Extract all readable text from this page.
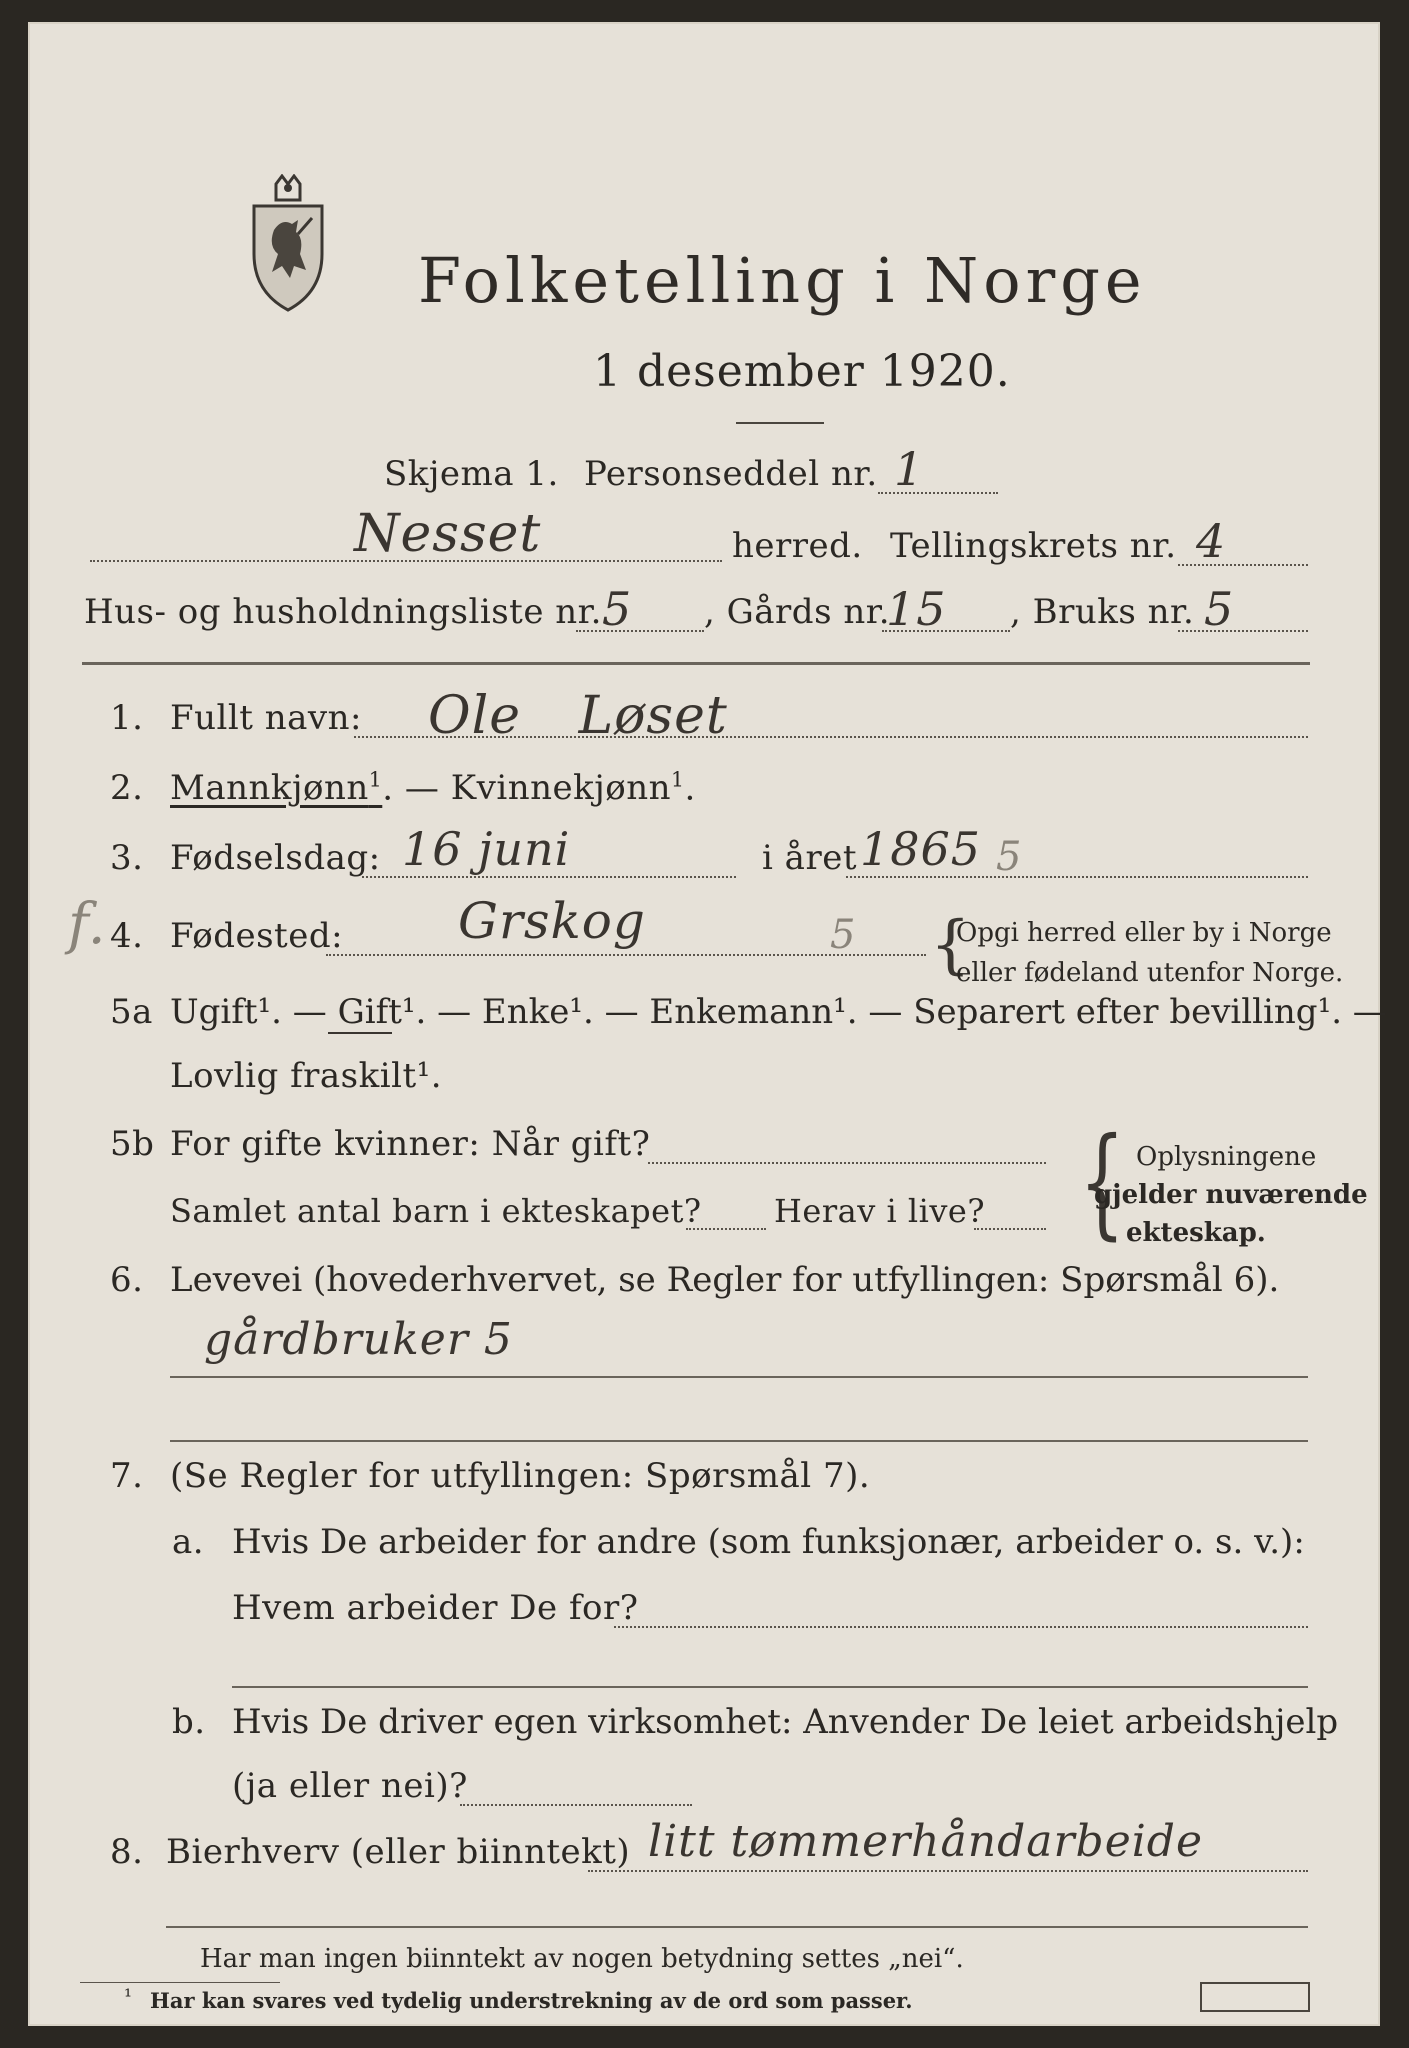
Folketelling i Norge
1 desember 1920.
Skjema 1. Personseddel nr. 1
Nesset	herred. Tellingskrets nr. 4
Hus- og husholdningsliste nr. 5 , Gårds nr.
15 , Bruks nr. 5
1. Fullt navn: Ole Løset
2. Mannkjønn$^1$. — Kvinnekjønn$^1$.
3. Fødselsdag: 16 juni	i året 1865 5
f. 4. Fødested: Grskog	5 {
Opgi herred eller by i Norge
eller fødeland utenfor Norge.
5a Ugift¹. — Gift¹. — Enke¹. — Enkemann¹. — Separert efter bevilling¹. —
Lovlig fraskilt¹.
5b For gifte kvinner: Når gift?
Samlet antal barn i ekteskapet? Herav i live? { Oplysningene
gjelder nuværende
ekteskap.
6. Levevei (hovederhvervet, se Regler for utfyllingen: Spørsmål 6).
gårdbruker 5
7. (Se Regler for utfyllingen: Spørsmål 7).
a. Hvis De arbeider for andre (som funksjonær, arbeider o. s. v.):
Hvem arbeider De for?
b. Hvis De driver egen virksomhet: Anvender De leiet arbeidshjelp
(ja eller nei)?
8. Bierhverv (eller biinntekt) litt tømmerhåndarbeide
Har man ingen biinntekt av nogen betydning settes „nei“.
¹ Har kan svares ved tydelig understrekning av de ord som passer.
